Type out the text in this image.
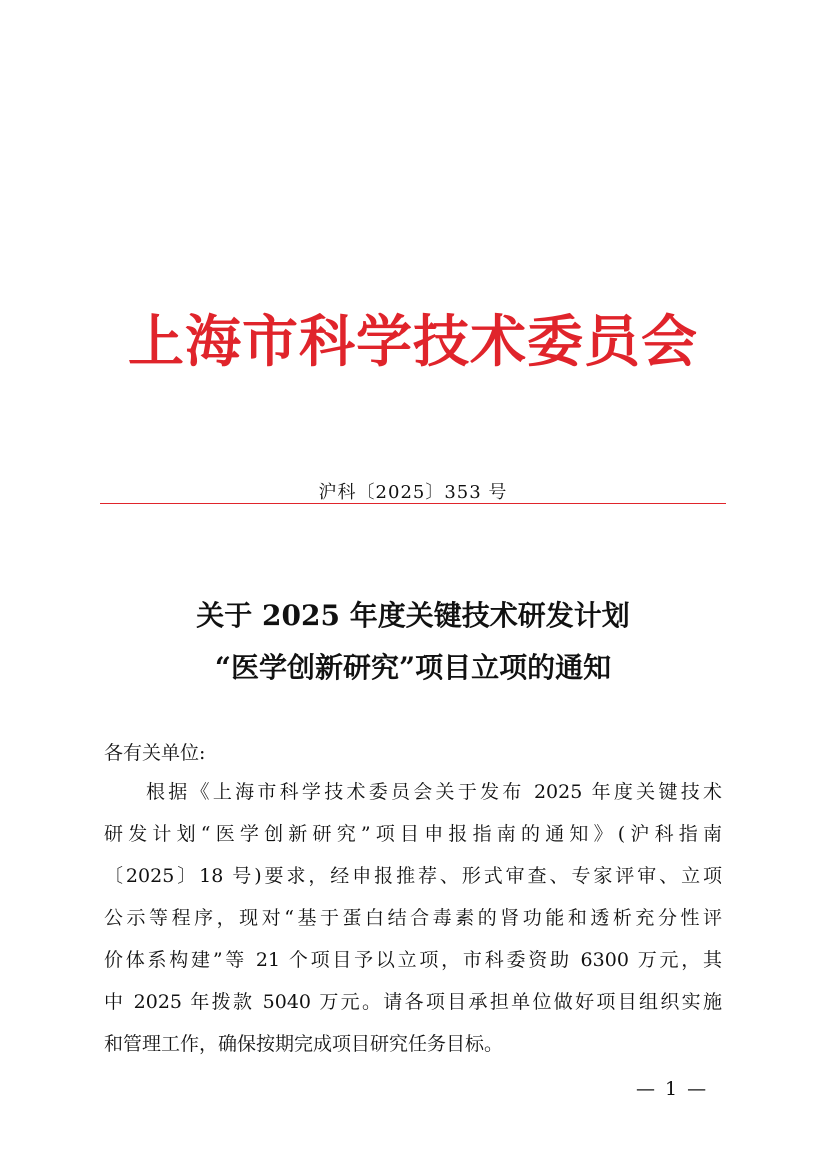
上海市科学技术委员会
沪科〔2025〕353 号
关于 2025 年度关键技术研发计划
“医学创新研究”项目立项的通知
各有关单位:
根据《上海市科学技术委员会关于发布 2025 年度关键技术
研发计划“医学创新研究”项目申报指南的通知》(沪科指南
〔2025〕18 号)要求，经申报推荐、形式审查、专家评审、立项
公示等程序，现对“基于蛋白结合毒素的肾功能和透析充分性评
价体系构建”等 21 个项目予以立项，市科委资助 6300 万元，其
中 2025 年拨款 5040 万元。请各项目承担单位做好项目组织实施
和管理工作，确保按期完成项目研究任务目标。
— 1 —
